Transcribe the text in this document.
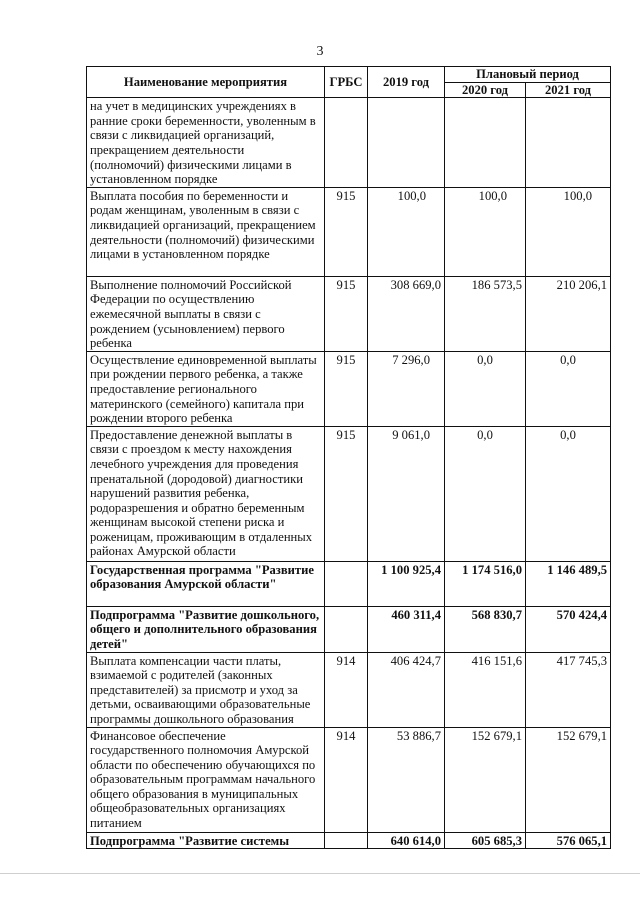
3
Наименование мероприятия	ГРБС	2019 год	Плановый период	
			2020 год	2021 год
на учет в медицинских учреждениях в ранние сроки беременности, уволенным в связи с ликвидацией организаций, прекращением деятельности (полномочий) физическими лицами в установленном порядке				
Выплата пособия по беременности и родам женщинам, уволенным в связи с ликвидацией организаций, прекращением деятельности (полномочий) физическими лицами в установленном порядке	915	100,0	100,0	100,0
Выполнение полномочий Российской Федерации по осуществлению ежемесячной выплаты в связи с рождением (усыновлением) первого ребенка	915	308 669,0	186 573,5	210 206,1
Осуществление единовременной выплаты при рождении первого ребенка, а также предоставление регионального материнского (семейного) капитала при рождении второго ребенка	915	7 296,0	0,0	0,0
Предоставление денежной выплаты в связи с проездом к месту нахождения лечебного учреждения для проведения пренатальной (дородовой) диагностики нарушений развития ребенка, родоразрешения и обратно беременным женщинам высокой степени риска и роженицам, проживающим в отдаленных районах Амурской области	915	9 061,0	0,0	0,0
Государственная программа "Развитие образования Амурской области"		1 100 925,4	1 174 516,0	1 146 489,5
Подпрограмма "Развитие дошкольного, общего и дополнительного образования детей"		460 311,4	568 830,7	570 424,4
Выплата компенсации части платы, взимаемой с родителей (законных представителей) за присмотр и уход за детьми, осваивающими образовательные программы дошкольного образования	914	406 424,7	416 151,6	417 745,3
Финансовое обеспечение государственного полномочия Амурской области по обеспечению обучающихся по образовательным программам начального общего образования в муниципальных общеобразовательных организациях питанием	914	53 886,7	152 679,1	152 679,1
Подпрограмма "Развитие системы		640 614,0	605 685,3	576 065,1
